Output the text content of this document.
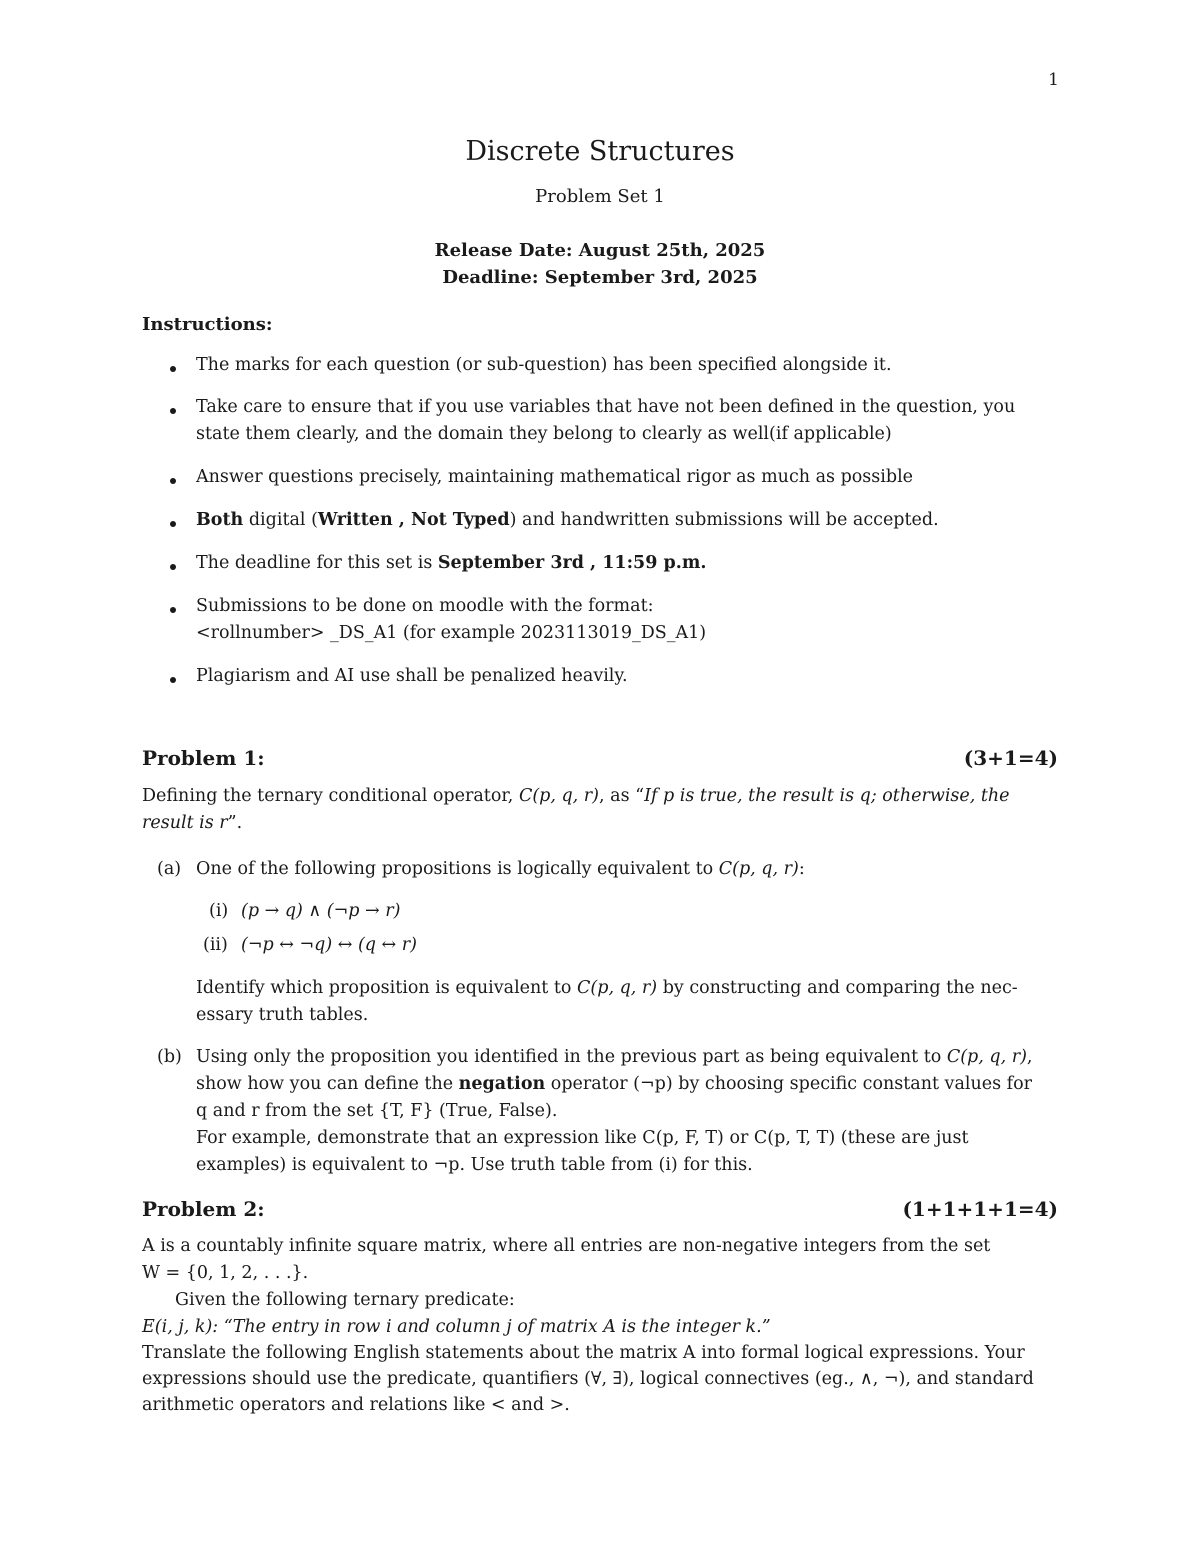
1
Discrete Structures
Problem Set 1
Release Date: August 25th, 2025
Deadline: September 3rd, 2025
Instructions:
The marks for each question (or sub-question) has been specified alongside it.
Take care to ensure that if you use variables that have not been defined in the question, you
state them clearly, and the domain they belong to clearly as well(if applicable)
Answer questions precisely, maintaining mathematical rigor as much as possible
Both digital (Written , Not Typed) and handwritten submissions will be accepted.
The deadline for this set is September 3rd , 11:59 p.m.
Submissions to be done on moodle with the format:
<rollnumber> _DS_A1 (for example 2023113019_DS_A1)
Plagiarism and AI use shall be penalized heavily.
Problem 1:	(3+1=4)
Defining the ternary conditional operator, C(p, q, r), as “If p is true, the result is q; otherwise, the
result is r”.
(a) One of the following propositions is logically equivalent to C(p, q, r):
(i) (p → q) ∧ (¬p → r)
(ii) (¬p ↔ ¬q) ↔ (q ↔ r)
Identify which proposition is equivalent to C(p, q, r) by constructing and comparing the nec-
essary truth tables.
(b) Using only the proposition you identified in the previous part as being equivalent to C(p, q, r),
show how you can define the negation operator (¬p) by choosing specific constant values for
q and r from the set {T, F} (True, False).
For example, demonstrate that an expression like C(p, F, T) or C(p, T, T) (these are just
examples) is equivalent to ¬p. Use truth table from (i) for this.
Problem 2:	(1+1+1+1=4)
A is a countably infinite square matrix, where all entries are non-negative integers from the set
W = {0, 1, 2, . . .}.
Given the following ternary predicate:
E(i, j, k): “The entry in row i and column j of matrix A is the integer k.”
Translate the following English statements about the matrix A into formal logical expressions. Your
expressions should use the predicate, quantifiers (∀, ∃), logical connectives (eg., ∧, ¬), and standard
arithmetic operators and relations like < and >.
